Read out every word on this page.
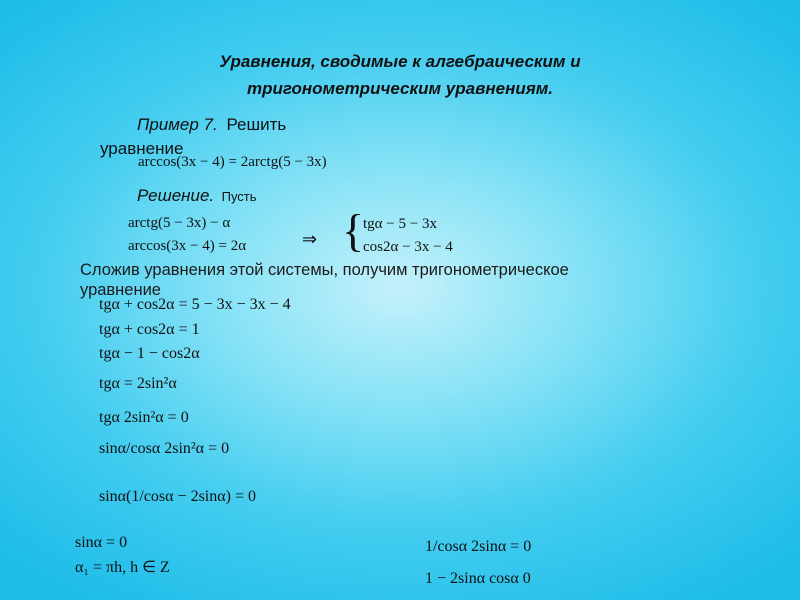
Уравнения, сводимые к алгебраическим и
тригонометрическим уравнениям.
Пример 7. Решить
уравнение
arccos(3x − 4) = 2arctg(5 − 3x)
Решение. Пусть
arctg(5 − 3x) − α
arccos(3x − 4) = 2α	⇒ {
tgα − 5 − 3x
cos2α − 3x − 4
Сложив уравнения этой системы, получим тригонометрическое
уравнение
tgα + cos2α = 5 − 3x − 3x − 4
tgα + cos2α = 1
tgα − 1 − cos2α
tgα = 2sin²α
tgα 2sin²α = 0
sinα/cosα 2sin²α = 0
sinα(1/cosα − 2sinα) = 0
sinα = 0
α₁ = πh, h ∈ Z
1/cosα 2sinα = 0
1 − 2sinα cosα 0
